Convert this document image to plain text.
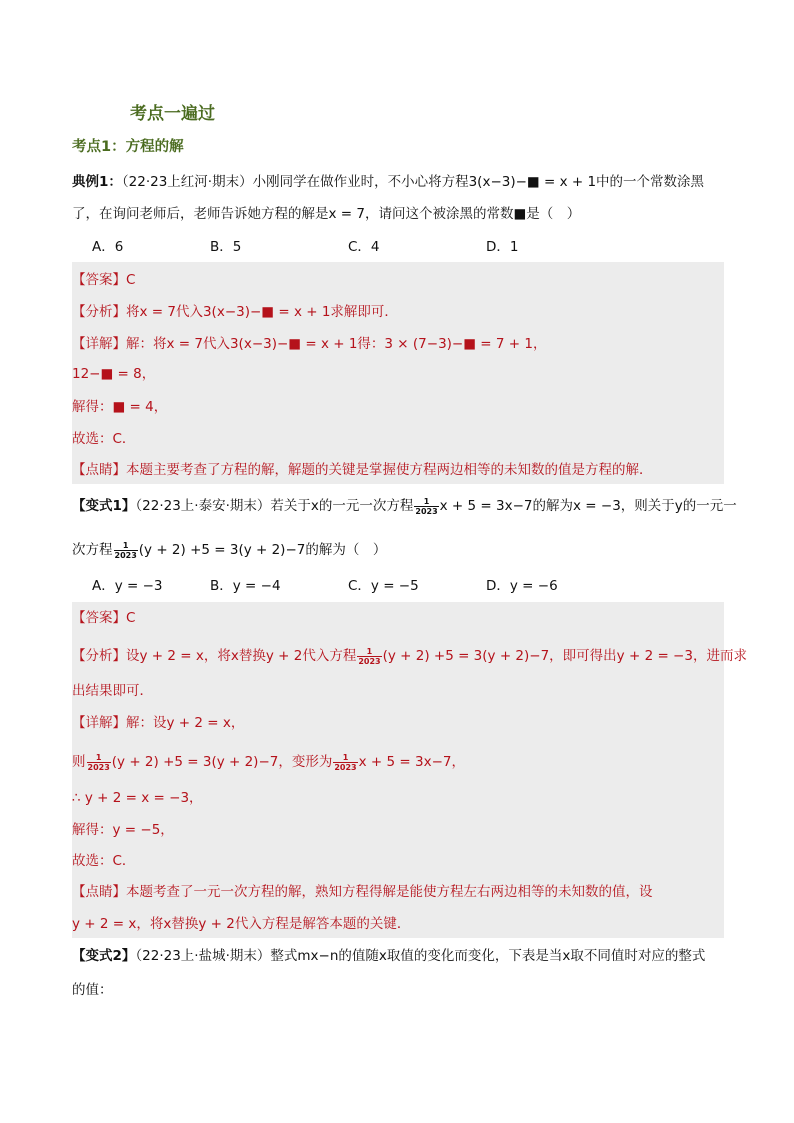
考点一遍过
考点1：方程的解
典例1：（22·23上红河·期末）小刚同学在做作业时，不小心将方程3(x−3)−■ = x + 1中的一个常数涂黑
了，在询问老师后，老师告诉她方程的解是x = 7，请问这个被涂黑的常数■是（　）
A．6	B．5	C．4	D．1
【答案】C
【分析】将x = 7代入3(x−3)−■ = x + 1求解即可．
【详解】解：将x = 7代入3(x−3)−■ = x + 1得：3 × (7−3)−■ = 7 + 1，
12−■ = 8，
解得：■ = 4，
故选：C．
【点睛】本题主要考查了方程的解，解题的关键是掌握使方程两边相等的未知数的值是方程的解．
【变式1】（22·23上·泰安·期末）若关于x的一元一次方程 $\frac{1}{2023}$ x + 5 = 3x−7的解为x = −3，则关于y的一元一
次方程 $\frac{1}{2023} (y + 2) +5 = 3(y + 2)-7$的解为（　）
A．y = −3	B．y = −4	C．y = −5	D．y = −6
【答案】C
【分析】设y + 2 = x，将x替换y + 2代入方程 $\frac{1}{2023} (y + 2) +5 = 3(y + 2)-7$，即可得出y + 2 = −3，进而求
出结果即可．
【详解】解：设y + 2 = x，
则 $\frac{1}{2023} (y + 2) +5 = 3(y + 2)-7$，变形为 $\frac{1}{2023}$ x + 5 = 3x−7，
∴ y + 2 = x = −3，
解得：y = −5，
故选：C．
【点睛】本题考查了一元一次方程的解，熟知方程得解是能使方程左右两边相等的未知数的值，设
y + 2 = x，将x替换y + 2代入方程是解答本题的关键．
【变式2】（22·23上·盐城·期末）整式mx−n的值随x取值的变化而变化，下表是当x取不同值时对应的整式
的值：
